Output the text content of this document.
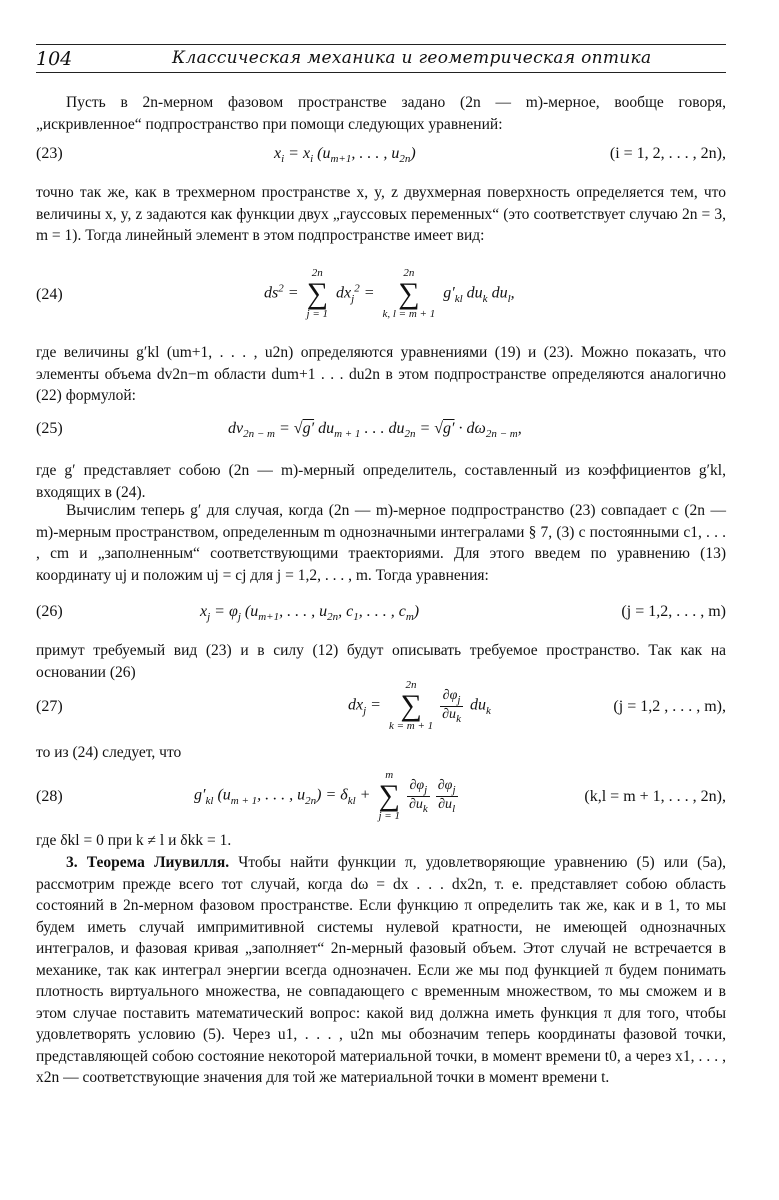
104	Классическая механика и геометрическая оптика
Пусть в 2n-мерном фазовом пространстве задано (2n — m)-мерное, вообще говоря, „искривленное“ подпространство при помощи следующих уравнений:
(23)	$x_i = x_i$ ($u_{m+1}$, . . . , $u_{2n}$)	(i = 1, 2, . . . , 2n),
точно так же, как в трехмерном пространстве x, y, z двухмерная поверхность определяется тем, что величины x, y, z задаются как функции двух „гауссовых переменных“ (это соответствует случаю 2n = 3, m = 1). Тогда линейный элемент в этом подпространстве имеет вид:
(24)	$ds^2$ =
2n
∑
j = 1
$dx_j^2$ =
2n
∑
k, l = m + 1
$g'_{kl}$ $du_k$ $du_l$,
где величины g′kl (um+1, . . . , u2n) определяются уравнениями (19) и (23). Можно показать, что элементы объема dv2n−m области dum+1 . . . du2n в этом подпространстве определяются аналогично (22) формулой:
(25)	$dv_{2n - m} = √g'$ $du_{m + 1}$ . . . $du_{2n} = √g' \cdot d\omega_{2n - m}$,
где g′ представляет собою (2n — m)-мерный определитель, составленный из коэффициентов g′kl, входящих в (24).
Вычислим теперь g′ для случая, когда (2n — m)-мерное подпространство (23) совпадает с (2n — m)-мерным пространством, определенным m однозначными интегралами § 7, (3) с постоянными c1, . . . , cm и „заполненным“ соответствующими траекториями. Для этого введем по уравнению (13) координату uj и положим uj = cj для j = 1,2, . . . , m. Тогда уравнения:
(26)	$x_j = \varphi_j$ ($u_{m+1}$, . . . , $u_{2n}$, $c_1$, . . . , $c_m$)	(j = 1,2, . . . , m)
примут требуемый вид (23) и в силу (12) будут описывать требуемое пространство. Так как на основании (26)
(27)	$dx_j$ =
2n
∑
k = m + 1
$\frac{\partial\varphi_j}{\partial u_k} du_k$	(j = 1,2 , . . . , m),
то из (24) следует, что
(28)	$g'_{kl}$ ($u_{m + 1}$, . . . , $u_{2n}) = \delta_{kl}$ +
m
∑
j = 1
$\frac{\partial\varphi_j}{\partial u_k} \frac{\partial\varphi_j}{\partial u_l}$	(k,l = m + 1, . . . , 2n),
где δkl = 0 при k ≠ l и δkk = 1.
3. Теорема Лиувилля. Чтобы найти функции π, удовлетворяющие уравнению (5) или (5a), рассмотрим прежде всего тот случай, когда dω = dx . . . dx2n, т. е. представляет собою область состояний в 2n-мерном фазовом пространстве. Если функцию π определить так же, как и в 1, то мы будем иметь случай импримитивной системы нулевой кратности, не имеющей однозначных интегралов, и фазовая кривая „заполняет“ 2n-мерный фазовый объем. Этот случай не встречается в механике, так как интеграл энергии всегда однозначен. Если же мы под функцией π будем понимать плотность виртуального множества, не совпадающего с временным множеством, то мы сможем и в этом случае поставить математический вопрос: какой вид должна иметь функция π для того, чтобы удовлетворять условию (5). Через u1, . . . , u2n мы обозначим теперь координаты фазовой точки, представляющей собою состояние некоторой материальной точки, в момент времени t0, а через x1, . . . , x2n — соответствующие значения для той же материальной точки в момент времени t.
